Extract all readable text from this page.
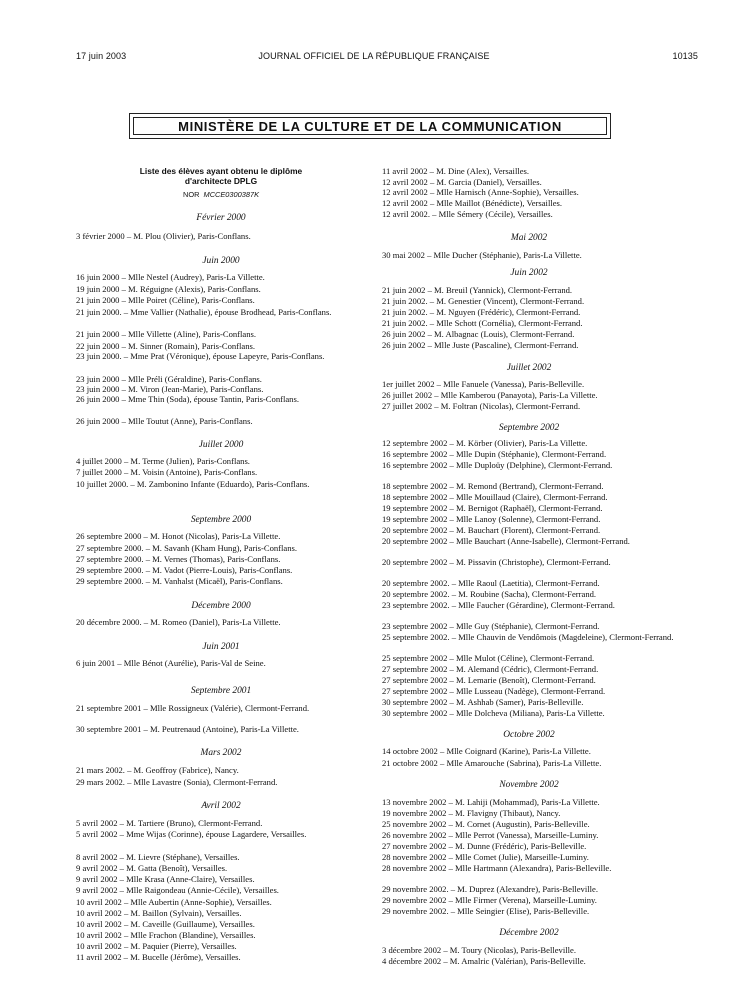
17 juin 2003	JOURNAL OFFICIEL DE LA RÉPUBLIQUE FRANÇAISE	10135
MINISTÈRE DE LA CULTURE ET DE LA COMMUNICATION
Liste des élèves ayant obtenu le diplôme
d'architecte DPLG
NOR MCCE0300387K
Février 2000
3 février 2000 – M. Plou (Olivier), Paris-Conflans.
Juin 2000
16 juin 2000 – Mlle Nestel (Audrey), Paris-La Villette.
19 juin 2000 – M. Réguigne (Alexis), Paris-Conflans.
21 juin 2000 – Mlle Poiret (Céline), Paris-Conflans.
21 juin 2000. – Mme Vallier (Nathalie), épouse Brodhead, Paris-Conflans.
21 juin 2000 – Mlle Villette (Aline), Paris-Conflans.
22 juin 2000 – M. Sinner (Romain), Paris-Conflans.
23 juin 2000. – Mme Prat (Véronique), épouse Lapeyre, Paris-Conflans.
23 juin 2000 – Mlle Préli (Géraldine), Paris-Conflans.
23 juin 2000 – M. Viron (Jean-Marie), Paris-Conflans.
26 juin 2000 – Mme Thin (Soda), épouse Tantin, Paris-Conflans.
26 juin 2000 – Mlle Toutut (Anne), Paris-Conflans.
Juillet 2000
4 juillet 2000 – M. Terme (Julien), Paris-Conflans.
7 juillet 2000 – M. Voisin (Antoine), Paris-Conflans.
10 juillet 2000. – M. Zambonino Infante (Eduardo), Paris-Conflans.
Septembre 2000
26 septembre 2000 – M. Honot (Nicolas), Paris-La Villette.
27 septembre 2000. – M. Savanh (Kham Hung), Paris-Conflans.
27 septembre 2000. – M. Vernes (Thomas), Paris-Conflans.
29 septembre 2000. – M. Vadot (Pierre-Louis), Paris-Conflans.
29 septembre 2000. – M. Vanhalst (Micaël), Paris-Conflans.
Décembre 2000
20 décembre 2000. – M. Romeo (Daniel), Paris-La Villette.
Juin 2001
6 juin 2001 – Mlle Bénot (Aurélie), Paris-Val de Seine.
Septembre 2001
21 septembre 2001 – Mlle Rossigneux (Valérie), Clermont-Ferrand.
30 septembre 2001 – M. Peutrenaud (Antoine), Paris-La Villette.
Mars 2002
21 mars 2002. – M. Geoffroy (Fabrice), Nancy.
29 mars 2002. – Mlle Lavastre (Sonia), Clermont-Ferrand.
Avril 2002
5 avril 2002 – M. Tartiere (Bruno), Clermont-Ferrand.
5 avril 2002 – Mme Wijas (Corinne), épouse Lagardere, Versailles.
8 avril 2002 – M. Lievre (Stéphane), Versailles.
9 avril 2002 – M. Gatta (Benoît), Versailles.
9 avril 2002 – Mlle Krasa (Anne-Claire), Versailles.
9 avril 2002 – Mlle Raigondeau (Annie-Cécile), Versailles.
10 avril 2002 – Mlle Aubertin (Anne-Sophie), Versailles.
10 avril 2002 – M. Baillon (Sylvain), Versailles.
10 avril 2002 – M. Caveille (Guillaume), Versailles.
10 avril 2002 – Mlle Frachon (Blandine), Versailles.
10 avril 2002 – M. Paquier (Pierre), Versailles.
11 avril 2002 – M. Bucelle (Jérôme), Versailles.
11 avril 2002 – M. Dine (Alex), Versailles.
12 avril 2002 – M. Garcia (Daniel), Versailles.
12 avril 2002 – Mlle Harnisch (Anne-Sophie), Versailles.
12 avril 2002 – Mlle Maillot (Bénédicte), Versailles.
12 avril 2002. – Mlle Sémery (Cécile), Versailles.
Mai 2002
30 mai 2002 – Mlle Ducher (Stéphanie), Paris-La Villette.
Juin 2002
21 juin 2002 – M. Breuil (Yannick), Clermont-Ferrand.
21 juin 2002. – M. Genestier (Vincent), Clermont-Ferrand.
21 juin 2002. – M. Nguyen (Frédéric), Clermont-Ferrand.
21 juin 2002. – Mlle Schott (Cornélia), Clermont-Ferrand.
26 juin 2002 – M. Albagnac (Louis), Clermont-Ferrand.
26 juin 2002 – Mlle Juste (Pascaline), Clermont-Ferrand.
Juillet 2002
1er juillet 2002 – Mlle Fanuele (Vanessa), Paris-Belleville.
26 juillet 2002 – Mlle Kamberou (Panayota), Paris-La Villette.
27 juillet 2002 – M. Foltran (Nicolas), Clermont-Ferrand.
Septembre 2002
12 septembre 2002 – M. Körber (Olivier), Paris-La Villette.
16 septembre 2002 – Mlle Dupin (Stéphanie), Clermont-Ferrand.
16 septembre 2002 – Mlle Duploüy (Delphine), Clermont-Ferrand.
18 septembre 2002 – M. Remond (Bertrand), Clermont-Ferrand.
18 septembre 2002 – Mlle Mouillaud (Claire), Clermont-Ferrand.
19 septembre 2002 – M. Bernigot (Raphaël), Clermont-Ferrand.
19 septembre 2002 – Mlle Lanoy (Solenne), Clermont-Ferrand.
20 septembre 2002 – M. Bauchart (Florent), Clermont-Ferrand.
20 septembre 2002 – Mlle Bauchart (Anne-Isabelle), Clermont-Ferrand.
20 septembre 2002 – M. Pissavin (Christophe), Clermont-Ferrand.
20 septembre 2002. – Mlle Raoul (Laetitia), Clermont-Ferrand.
20 septembre 2002. – M. Roubine (Sacha), Clermont-Ferrand.
23 septembre 2002. – Mlle Faucher (Gérardine), Clermont-Ferrand.
23 septembre 2002 – Mlle Guy (Stéphanie), Clermont-Ferrand.
25 septembre 2002. – Mlle Chauvin de Vendômois (Magdeleine), Clermont-Ferrand.
25 septembre 2002 – Mlle Mulot (Céline), Clermont-Ferrand.
27 septembre 2002 – M. Alemand (Cédric), Clermont-Ferrand.
27 septembre 2002 – M. Lemarie (Benoît), Clermont-Ferrand.
27 septembre 2002 – Mlle Lusseau (Nadège), Clermont-Ferrand.
30 septembre 2002 – M. Ashhab (Samer), Paris-Belleville.
30 septembre 2002 – Mlle Dolcheva (Miliana), Paris-La Villette.
Octobre 2002
14 octobre 2002 – Mlle Coignard (Karine), Paris-La Villette.
21 octobre 2002 – Mlle Amarouche (Sabrina), Paris-La Villette.
Novembre 2002
13 novembre 2002 – M. Lahiji (Mohammad), Paris-La Villette.
19 novembre 2002 – M. Flavigny (Thibaut), Nancy.
25 novembre 2002 – M. Cornet (Augustin), Paris-Belleville.
26 novembre 2002 – Mlle Perrot (Vanessa), Marseille-Luminy.
27 novembre 2002 – M. Dunne (Frédéric), Paris-Belleville.
28 novembre 2002 – Mlle Comet (Julie), Marseille-Luminy.
28 novembre 2002 – Mlle Hartmann (Alexandra), Paris-Belleville.
29 novembre 2002. – M. Duprez (Alexandre), Paris-Belleville.
29 novembre 2002 – Mlle Firmer (Verena), Marseille-Luminy.
29 novembre 2002. – Mlle Seingier (Elise), Paris-Belleville.
Décembre 2002
3 décembre 2002 – M. Toury (Nicolas), Paris-Belleville.
4 décembre 2002 – M. Amalric (Valérian), Paris-Belleville.
